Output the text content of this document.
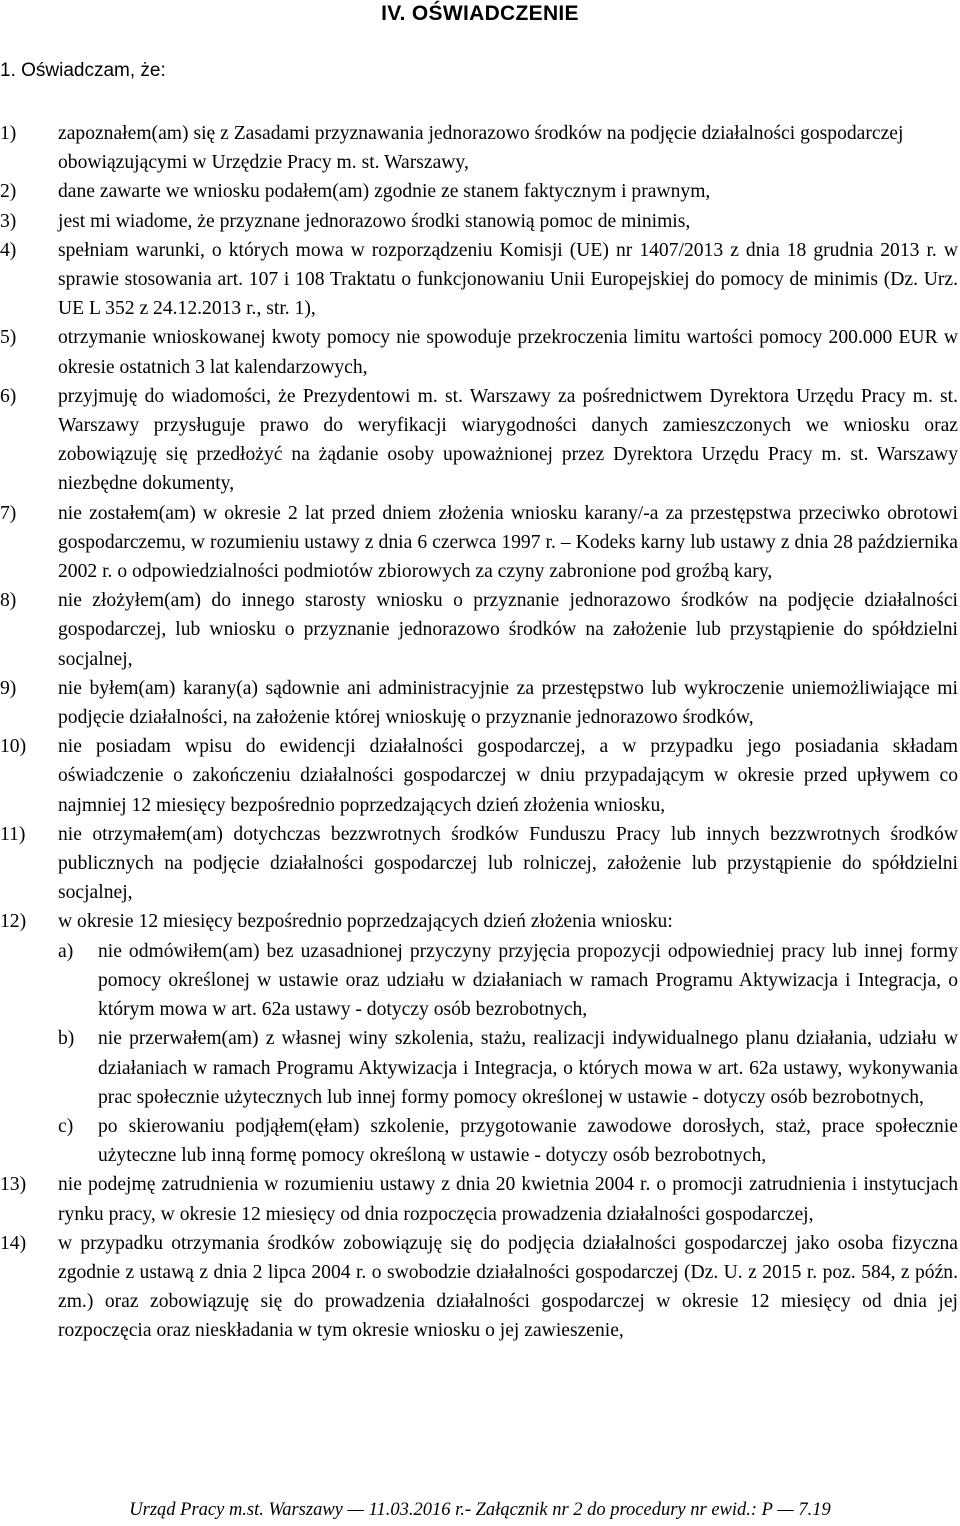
IV. OŚWIADCZENIE
1. Oświadczam, że:
1) zapoznałem(am) się z Zasadami przyznawania jednorazowo środków na podjęcie działalności gospodarczej obowiązującymi w Urzędzie Pracy m. st. Warszawy,
2) dane zawarte we wniosku podałem(am) zgodnie ze stanem faktycznym i prawnym,
3) jest mi wiadome, że przyznane jednorazowo środki stanowią pomoc de minimis,
4) spełniam warunki, o których mowa w rozporządzeniu Komisji (UE) nr 1407/2013 z dnia 18 grudnia 2013 r. w sprawie stosowania art. 107 i 108 Traktatu o funkcjonowaniu Unii Europejskiej do pomocy de minimis (Dz. Urz. UE L 352 z 24.12.2013 r., str. 1),
5) otrzymanie wnioskowanej kwoty pomocy nie spowoduje przekroczenia limitu wartości pomocy 200.000 EUR w okresie ostatnich 3 lat kalendarzowych,
6) przyjmuję do wiadomości, że Prezydentowi m. st. Warszawy za pośrednictwem Dyrektora Urzędu Pracy m. st. Warszawy przysługuje prawo do weryfikacji wiarygodności danych zamieszczonych we wniosku oraz zobowiązuję się przedłożyć na żądanie osoby upoważnionej przez Dyrektora Urzędu Pracy m. st. Warszawy niezbędne dokumenty,
7) nie zostałem(am) w okresie 2 lat przed dniem złożenia wniosku karany/-a za przestępstwa przeciwko obrotowi gospodarczemu, w rozumieniu ustawy z dnia 6 czerwca 1997 r. – Kodeks karny lub ustawy z dnia 28 października 2002 r. o odpowiedzialności podmiotów zbiorowych za czyny zabronione pod groźbą kary,
8) nie złożyłem(am) do innego starosty wniosku o przyznanie jednorazowo środków na podjęcie działalności gospodarczej, lub wniosku o przyznanie jednorazowo środków na założenie lub przystąpienie do spółdzielni socjalnej,
9) nie byłem(am) karany(a) sądownie ani administracyjnie za przestępstwo lub wykroczenie uniemożliwiające mi podjęcie działalności, na założenie której wnioskuję o przyznanie jednorazowo środków,
10) nie posiadam wpisu do ewidencji działalności gospodarczej, a w przypadku jego posiadania składam oświadczenie o zakończeniu działalności gospodarczej w dniu przypadającym w okresie przed upływem co najmniej 12 miesięcy bezpośrednio poprzedzających dzień złożenia wniosku,
11) nie otrzymałem(am) dotychczas bezzwrotnych środków Funduszu Pracy lub innych bezzwrotnych środków publicznych na podjęcie działalności gospodarczej lub rolniczej, założenie lub przystąpienie do spółdzielni socjalnej,
12) w okresie 12 miesięcy bezpośrednio poprzedzających dzień złożenia wniosku:
a) nie odmówiłem(am) bez uzasadnionej przyczyny przyjęcia propozycji odpowiedniej pracy lub innej formy pomocy określonej w ustawie oraz udziału w działaniach w ramach Programu Aktywizacja i Integracja, o którym mowa w art. 62a ustawy - dotyczy osób bezrobotnych,
b) nie przerwałem(am) z własnej winy szkolenia, stażu, realizacji indywidualnego planu działania, udziału w działaniach w ramach Programu Aktywizacja i Integracja, o których mowa w art. 62a ustawy, wykonywania prac społecznie użytecznych lub innej formy pomocy określonej w ustawie - dotyczy osób bezrobotnych,
c) po skierowaniu podjąłem(ęłam) szkolenie, przygotowanie zawodowe dorosłych, staż, prace społecznie użyteczne lub inną formę pomocy określoną w ustawie - dotyczy osób bezrobotnych,
13) nie podejmę zatrudnienia w rozumieniu ustawy z dnia 20 kwietnia 2004 r. o promocji zatrudnienia i instytucjach rynku pracy, w okresie 12 miesięcy od dnia rozpoczęcia prowadzenia działalności gospodarczej,
14) w przypadku otrzymania środków zobowiązuję się do podjęcia działalności gospodarczej jako osoba fizyczna zgodnie z ustawą z dnia 2 lipca 2004 r. o swobodzie działalności gospodarczej (Dz. U. z 2015 r. poz. 584, z późn. zm.) oraz zobowiązuję się do prowadzenia działalności gospodarczej w okresie 12 miesięcy od dnia jej rozpoczęcia oraz nieskładania w tym okresie wniosku o jej zawieszenie,
Urząd Pracy m.st. Warszawy — 11.03.2016 r.- Załącznik nr 2 do procedury nr ewid.: P — 7.19
